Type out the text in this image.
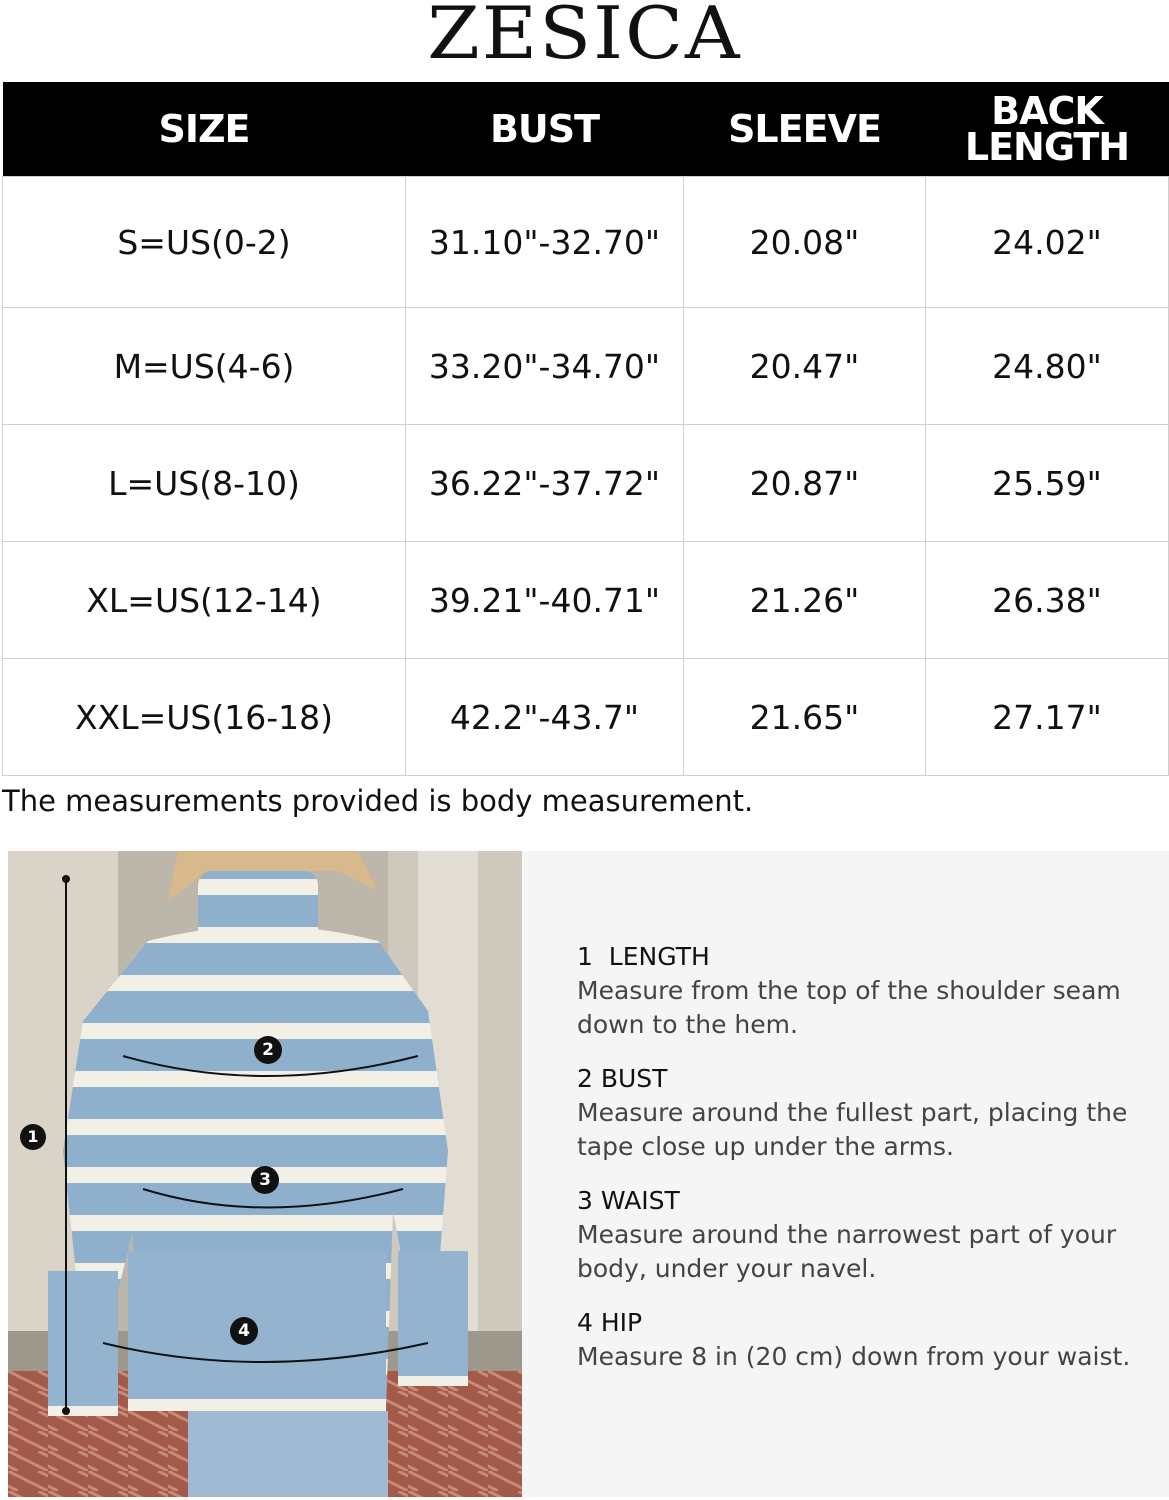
ZESICA
SIZE	BUST	SLEEVE	BACK
LENGTH
S=US(0-2)	31.10"-32.70"	20.08"	24.02"
M=US(4-6)	33.20"-34.70"	20.47"	24.80"
L=US(8-10)	36.22"-37.72"	20.87"	25.59"
XL=US(12-14)	39.21"-40.71"	21.26"	26.38"
XXL=US(16-18)	42.2"-43.7"	21.65"	27.17"
The measurements provided is body measurement.
1
2
3
4
1  LENGTH
Measure from the top of the shoulder seam down to the hem.
2 BUST
Measure around the fullest part, placing the tape close up under the arms.
3 WAIST
Measure around the narrowest part of your body, under your navel.
4 HIP
Measure 8 in (20 cm) down from your waist.
